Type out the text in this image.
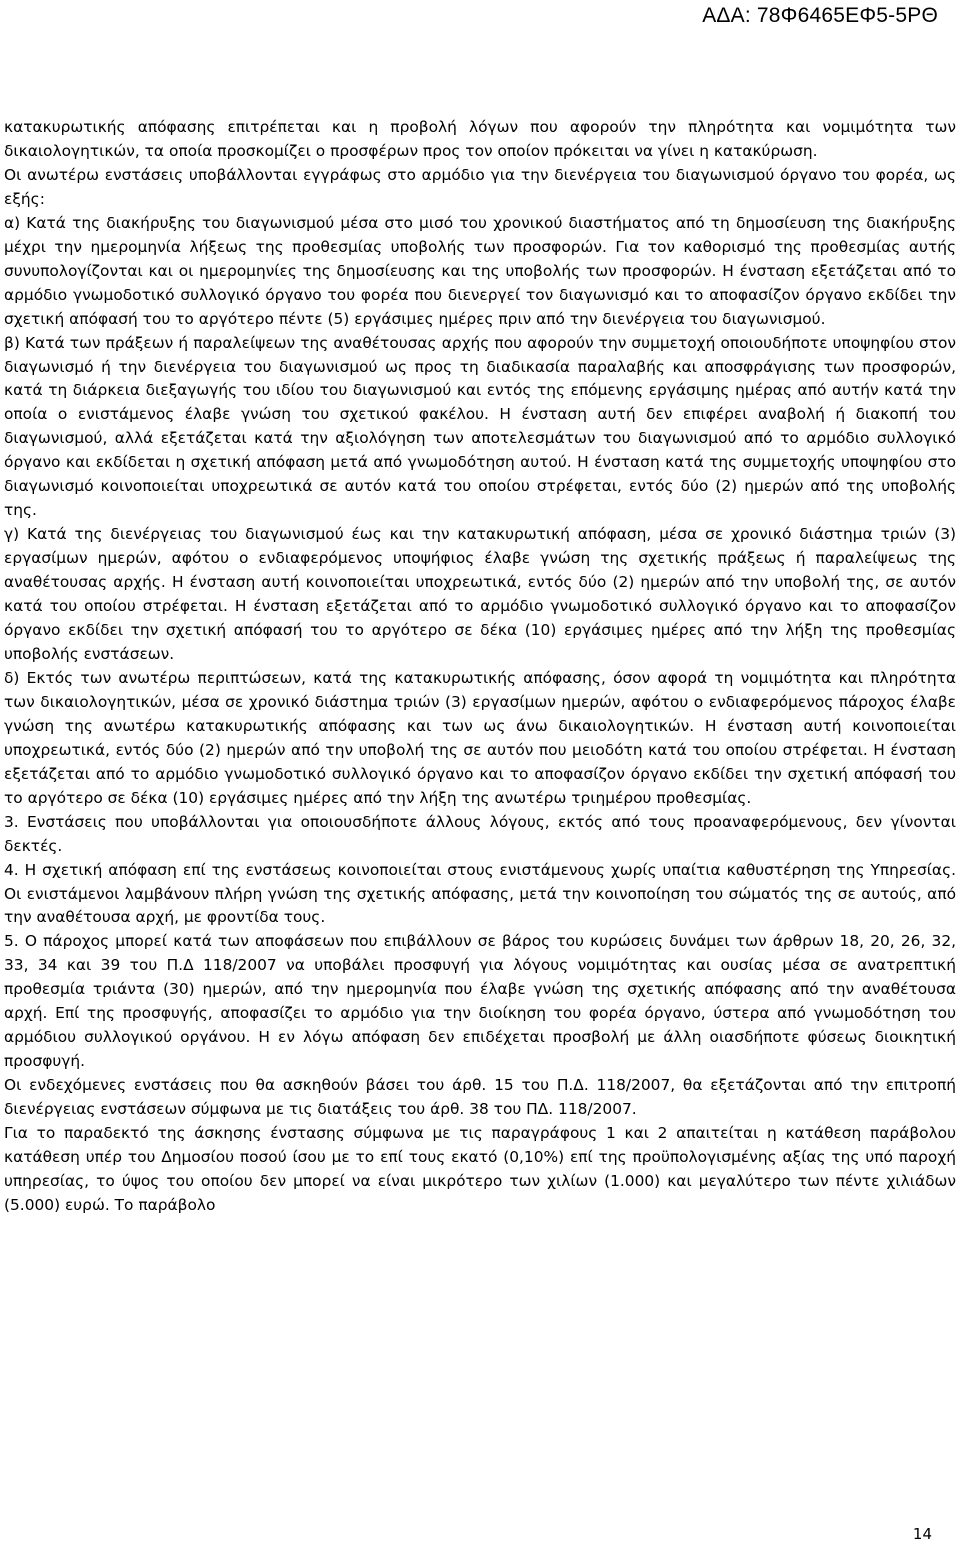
ΑΔΑ: 78Φ6465ΕΦ5-5ΡΘ

κατακυρωτικής απόφασης επιτρέπεται και η προβολή λόγων που αφορούν την πληρότητα και νομιμότητα των δικαιολογητικών, τα οποία προσκομίζει ο προσφέρων προς τον οποίον πρόκειται να γίνει η κατακύρωση.

Οι ανωτέρω ενστάσεις υποβάλλονται εγγράφως στο αρμόδιο για την διενέργεια του διαγωνισμού όργανο του φορέα, ως εξής:

α) Κατά της διακήρυξης του διαγωνισμού μέσα στο μισό του χρονικού διαστήματος από τη δημοσίευση της διακήρυξης μέχρι την ημερομηνία λήξεως της προθεσμίας υποβολής των προσφορών. Για τον καθορισμό της προθεσμίας αυτής συνυπολογίζονται και οι ημερομηνίες της δημοσίευσης και της υποβολής των προσφορών. Η ένσταση εξετάζεται από το αρμόδιο γνωμοδοτικό συλλογικό όργανο του φορέα που διενεργεί τον διαγωνισμό και το αποφασίζον όργανο εκδίδει την σχετική απόφασή του το αργότερο πέντε (5) εργάσιμες ημέρες πριν από την διενέργεια του διαγωνισμού.

β) Κατά των πράξεων ή παραλείψεων της αναθέτουσας αρχής που αφορούν την συμμετοχή οποιουδήποτε υποψηφίου στον διαγωνισμό ή την διενέργεια του διαγωνισμού ως προς τη διαδικασία παραλαβής και αποσφράγισης των προσφορών, κατά τη διάρκεια διεξαγωγής του ιδίου του διαγωνισμού και εντός της επόμενης εργάσιμης ημέρας από αυτήν κατά την οποία ο ενιστάμενος έλαβε γνώση του σχετικού φακέλου. Η ένσταση αυτή δεν επιφέρει αναβολή ή διακοπή του διαγωνισμού, αλλά εξετάζεται κατά την αξιολόγηση των αποτελεσμάτων του διαγωνισμού από το αρμόδιο συλλογικό όργανο και εκδίδεται η σχετική απόφαση μετά από γνωμοδότηση αυτού. Η ένσταση κατά της συμμετοχής υποψηφίου στο διαγωνισμό κοινοποιείται υποχρεωτικά σε αυτόν κατά του οποίου στρέφεται, εντός δύο (2) ημερών από της υποβολής της.

γ) Κατά της διενέργειας του διαγωνισμού έως και την κατακυρωτική απόφαση, μέσα σε χρονικό διάστημα τριών (3) εργασίμων ημερών, αφότου ο ενδιαφερόμενος υποψήφιος έλαβε γνώση της σχετικής πράξεως ή παραλείψεως της αναθέτουσας αρχής. Η ένσταση αυτή κοινοποιείται υποχρεωτικά, εντός δύο (2) ημερών από την υποβολή της, σε αυτόν κατά του οποίου στρέφεται. Η ένσταση εξετάζεται από το αρμόδιο γνωμοδοτικό συλλογικό όργανο και το αποφασίζον όργανο εκδίδει την σχετική απόφασή του το αργότερο σε δέκα (10) εργάσιμες ημέρες από την λήξη της προθεσμίας υποβολής ενστάσεων.

δ) Εκτός των ανωτέρω περιπτώσεων, κατά της κατακυρωτικής απόφασης, όσον αφορά τη νομιμότητα και πληρότητα των δικαιολογητικών, μέσα σε χρονικό διάστημα τριών (3) εργασίμων ημερών, αφότου ο ενδιαφερόμενος πάροχος έλαβε γνώση της ανωτέρω κατακυρωτικής απόφασης και των ως άνω δικαιολογητικών. Η ένσταση αυτή κοινοποιείται υποχρεωτικά, εντός δύο (2) ημερών από την υποβολή της σε αυτόν που μειοδότη κατά του οποίου στρέφεται. Η ένσταση εξετάζεται από το αρμόδιο γνωμοδοτικό συλλογικό όργανο και το αποφασίζον όργανο εκδίδει την σχετική απόφασή του το αργότερο σε δέκα (10) εργάσιμες ημέρες από την λήξη της ανωτέρω τριημέρου προθεσμίας.

3. Ενστάσεις που υποβάλλονται για οποιουσδήποτε άλλους λόγους, εκτός από τους προαναφερόμενους, δεν γίνονται δεκτές.

4. Η σχετική απόφαση επί της ενστάσεως κοινοποιείται στους ενιστάμενους χωρίς υπαίτια καθυστέρηση της Υπηρεσίας. Οι ενιστάμενοι λαμβάνουν πλήρη γνώση της σχετικής απόφασης, μετά την κοινοποίηση του σώματός της σε αυτούς, από την αναθέτουσα αρχή, με φροντίδα τους.

5. Ο πάροχος μπορεί κατά των αποφάσεων που επιβάλλουν σε βάρος του κυρώσεις δυνάμει των άρθρων 18, 20, 26, 32, 33, 34 και 39 του Π.Δ 118/2007 να υποβάλει προσφυγή για λόγους νομιμότητας και ουσίας μέσα σε ανατρεπτική προθεσμία τριάντα (30) ημερών, από την ημερομηνία που έλαβε γνώση της σχετικής απόφασης από την αναθέτουσα αρχή. Επί της προσφυγής, αποφασίζει το αρμόδιο για την διοίκηση του φορέα όργανο, ύστερα από γνωμοδότηση του αρμόδιου συλλογικού οργάνου. Η εν λόγω απόφαση δεν επιδέχεται προσβολή με άλλη οιασδήποτε φύσεως διοικητική προσφυγή.

Οι ενδεχόμενες ενστάσεις που θα ασκηθούν βάσει του άρθ. 15 του Π.Δ. 118/2007, θα εξετάζονται από την επιτροπή διενέργειας ενστάσεων σύμφωνα με τις διατάξεις του άρθ. 38 του ΠΔ. 118/2007.

Για το παραδεκτό της άσκησης ένστασης σύμφωνα με τις παραγράφους 1 και 2 απαιτείται η κατάθεση παράβολου κατάθεση υπέρ του Δημοσίου ποσού ίσου με το επί τους εκατό (0,10%) επί της προϋπολογισμένης αξίας της υπό παροχή υπηρεσίας, το ύψος του οποίου δεν μπορεί να είναι μικρότερο των χιλίων (1.000) και μεγαλύτερο των πέντε χιλιάδων (5.000) ευρώ. Το παράβολο

14
